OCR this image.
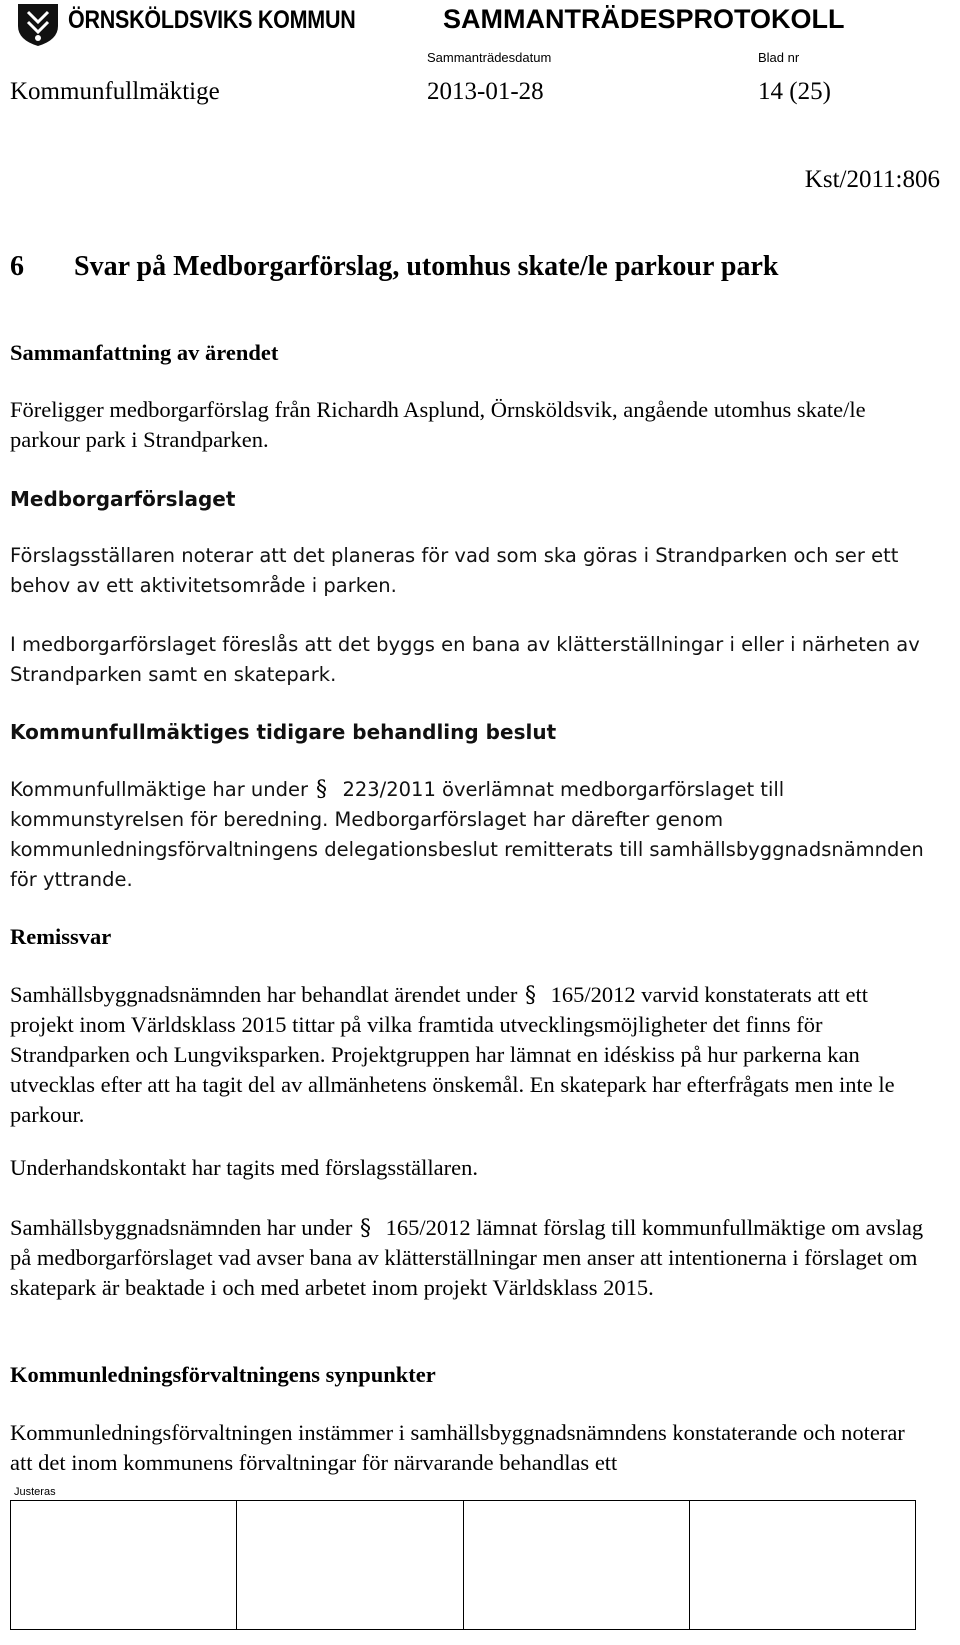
ÖRNSKÖLDSVIKS KOMMUN	SAMMANTRÄDESPROTOKOLL
Sammanträdesdatum	Blad nr
Kommunfullmäktige	2013-01-28	14 (25)
Kst/2011:806
6 Svar på Medborgarförslag, utomhus skate/le parkour park
Sammanfattning av ärendet

Föreligger medborgarförslag från Richardh Asplund, Örnsköldsvik, angående utomhus skate/le parkour park i Strandparken.

Medborgarförslaget

Förslagsställaren noterar att det planeras för vad som ska göras i Strandparken och ser ett behov av ett aktivitetsområde i parken.

I medborgarförslaget föreslås att det byggs en bana av klätterställningar i eller i närheten av Strandparken samt en skatepark.

Kommunfullmäktiges tidigare behandling beslut

Kommunfullmäktige har under § 223/2011 överlämnat medborgarförslaget till kommunstyrelsen för beredning. Medborgarförslaget har därefter genom kommunledningsförvaltningens delegationsbeslut remitterats till samhällsbyggnadsnämnden för yttrande.

Remissvar

Samhällsbyggnadsnämnden har behandlat ärendet under § 165/2012 varvid konstaterats att ett projekt inom Världsklass 2015 tittar på vilka framtida utvecklingsmöjligheter det finns för Strandparken och Lungviksparken. Projektgruppen har lämnat en idéskiss på hur parkerna kan utvecklas efter att ha tagit del av allmänhetens önskemål. En skatepark har efterfrågats men inte le parkour.

Underhandskontakt har tagits med förslagsställaren.

Samhällsbyggnadsnämnden har under § 165/2012 lämnat förslag till kommunfullmäktige om avslag på medborgarförslaget vad avser bana av klätterställningar men anser att intentionerna i förslaget om skatepark är beaktade i och med arbetet inom projekt Världsklass 2015.

Kommunledningsförvaltningens synpunkter

Kommunledningsförvaltningen instämmer i samhällsbyggnadsnämndens konstaterande och noterar att det inom kommunens förvaltningar för närvarande behandlas ett

Justeras
